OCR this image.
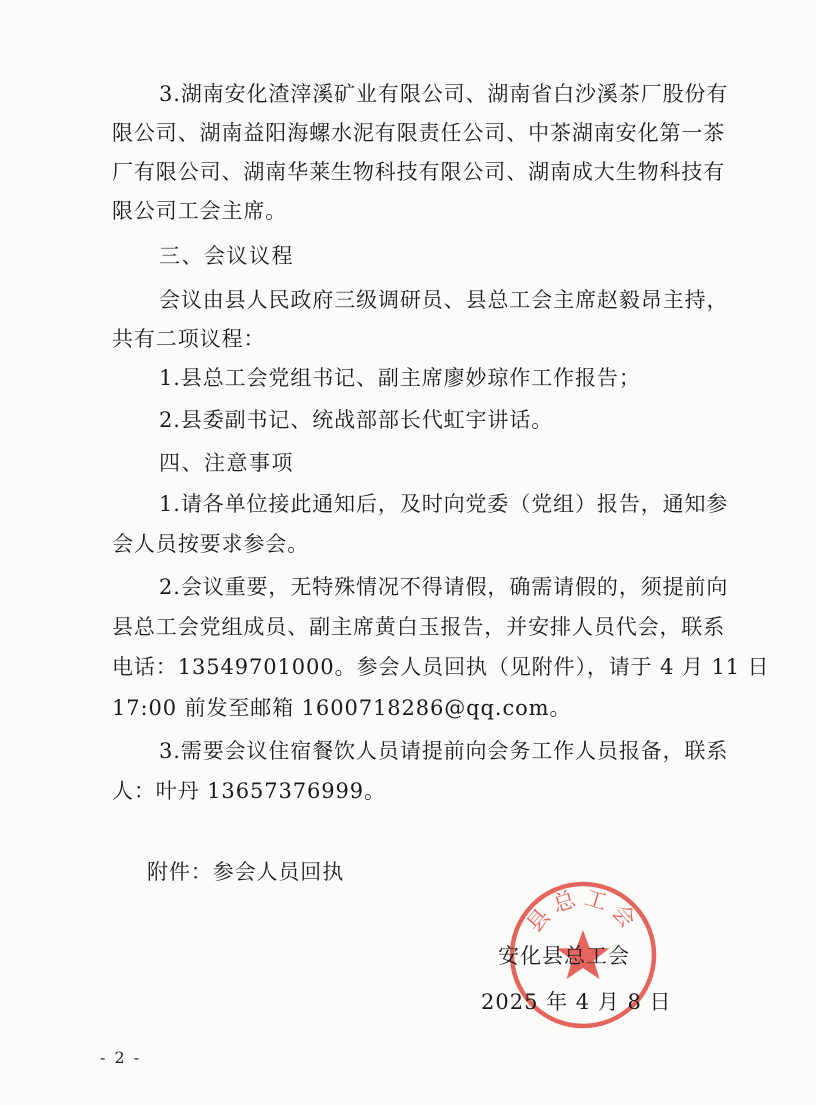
3.湖南安化渣滓溪矿业有限公司、湖南省白沙溪茶厂股份有

限公司、湖南益阳海螺水泥有限责任公司、中茶湖南安化第一茶

厂有限公司、湖南华莱生物科技有限公司、湖南成大生物科技有

限公司工会主席。

三、会议议程

会议由县人民政府三级调研员、县总工会主席赵毅昂主持，

共有二项议程：

1.县总工会党组书记、副主席廖妙琼作工作报告；

2.县委副书记、统战部部长代虹宇讲话。

四、注意事项

1.请各单位接此通知后，及时向党委（党组）报告，通知参

会人员按要求参会。

2.会议重要，无特殊情况不得请假，确需请假的，须提前向

县总工会党组成员、副主席黄白玉报告，并安排人员代会，联系

电话：13549701000。参会人员回执（见附件），请于 4 月 11 日

17:00 前发至邮箱 1600718286@qq.com。

3.需要会议住宿餐饮人员请提前向会务工作人员报备，联系

人：叶丹 13657376999。

附件：参会人员回执

县总工会
安化县总工会
2025 年 4 月 8 日
- 2 -
